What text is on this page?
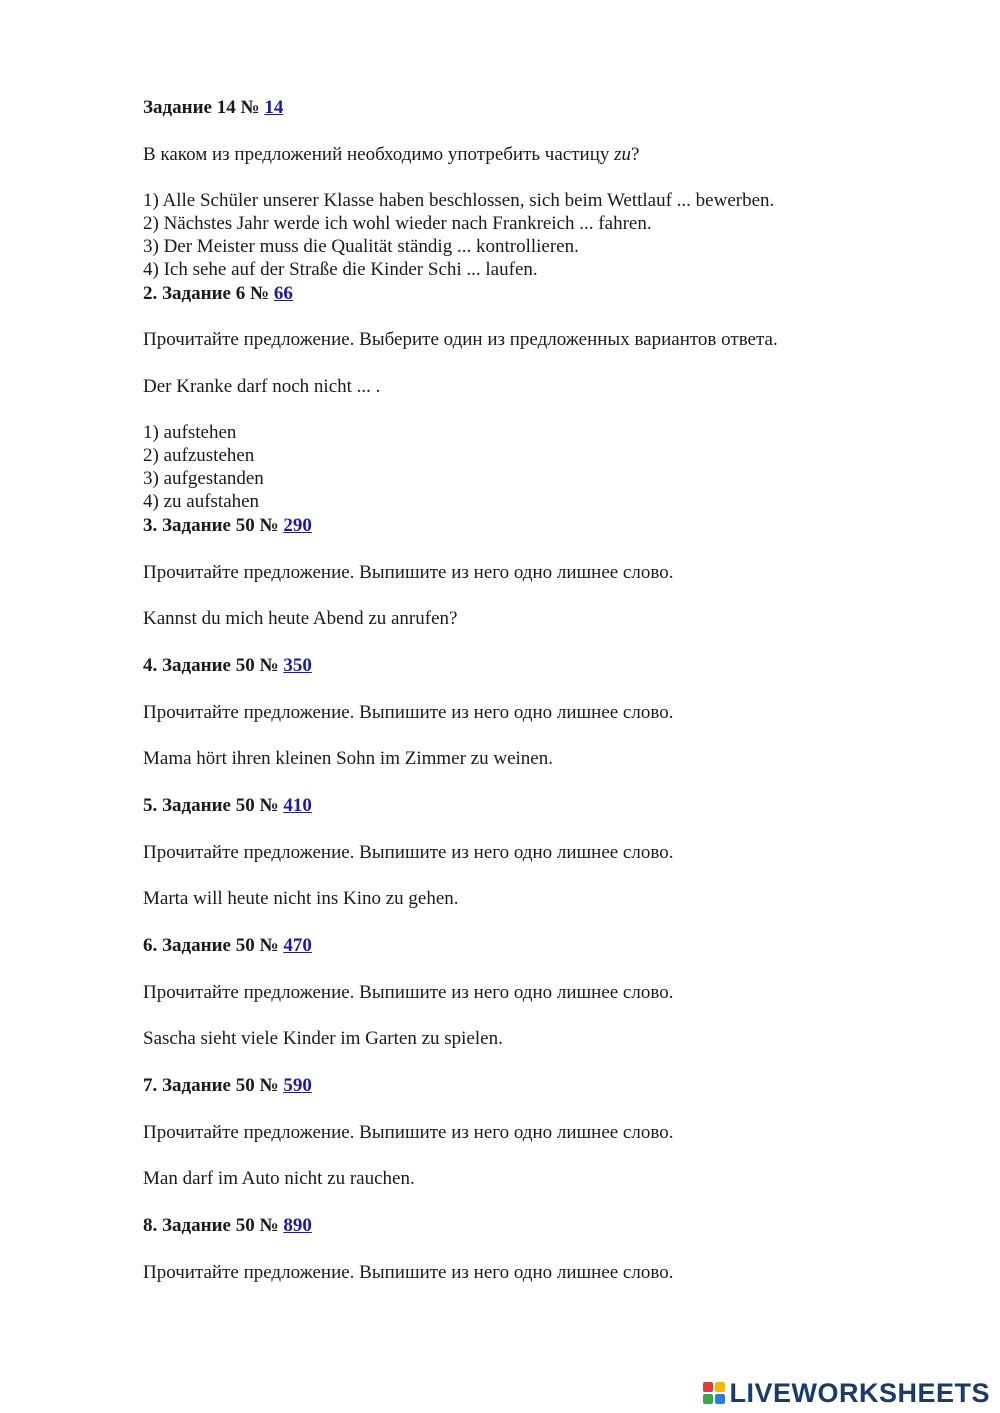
Задание 14 № 14
В каком из предложений необходимо употребить частицу zu?
1) Alle Schüler unserer Klasse haben beschlossen, sich beim Wettlauf ... bewerben.
2) Nächstes Jahr werde ich wohl wieder nach Frankreich ... fahren.
3) Der Meister muss die Qualität ständig ... kontrollieren.
4) Ich sehe auf der Straße die Kinder Schi ... laufen.
2. Задание 6 № 66
Прочитайте предложение. Выберите один из предложенных вариантов ответа.
Der Kranke darf noch nicht ... .
1) aufstehen
2) aufzustehen
3) aufgestanden
4) zu aufstahen
3. Задание 50 № 290
Прочитайте предложение. Выпишите из него одно лишнее слово.
Kannst du mich heute Abend zu anrufen?
4. Задание 50 № 350
Прочитайте предложение. Выпишите из него одно лишнее слово.
Mama hört ihren kleinen Sohn im Zimmer zu weinen.
5. Задание 50 № 410
Прочитайте предложение. Выпишите из него одно лишнее слово.
Marta will heute nicht ins Kino zu gehen.
6. Задание 50 № 470
Прочитайте предложение. Выпишите из него одно лишнее слово.
Sascha sieht viele Kinder im Garten zu spielen.
7. Задание 50 № 590
Прочитайте предложение. Выпишите из него одно лишнее слово.
Man darf im Auto nicht zu rauchen.
8. Задание 50 № 890
Прочитайте предложение. Выпишите из него одно лишнее слово.
LIVEWORKSHEETS
